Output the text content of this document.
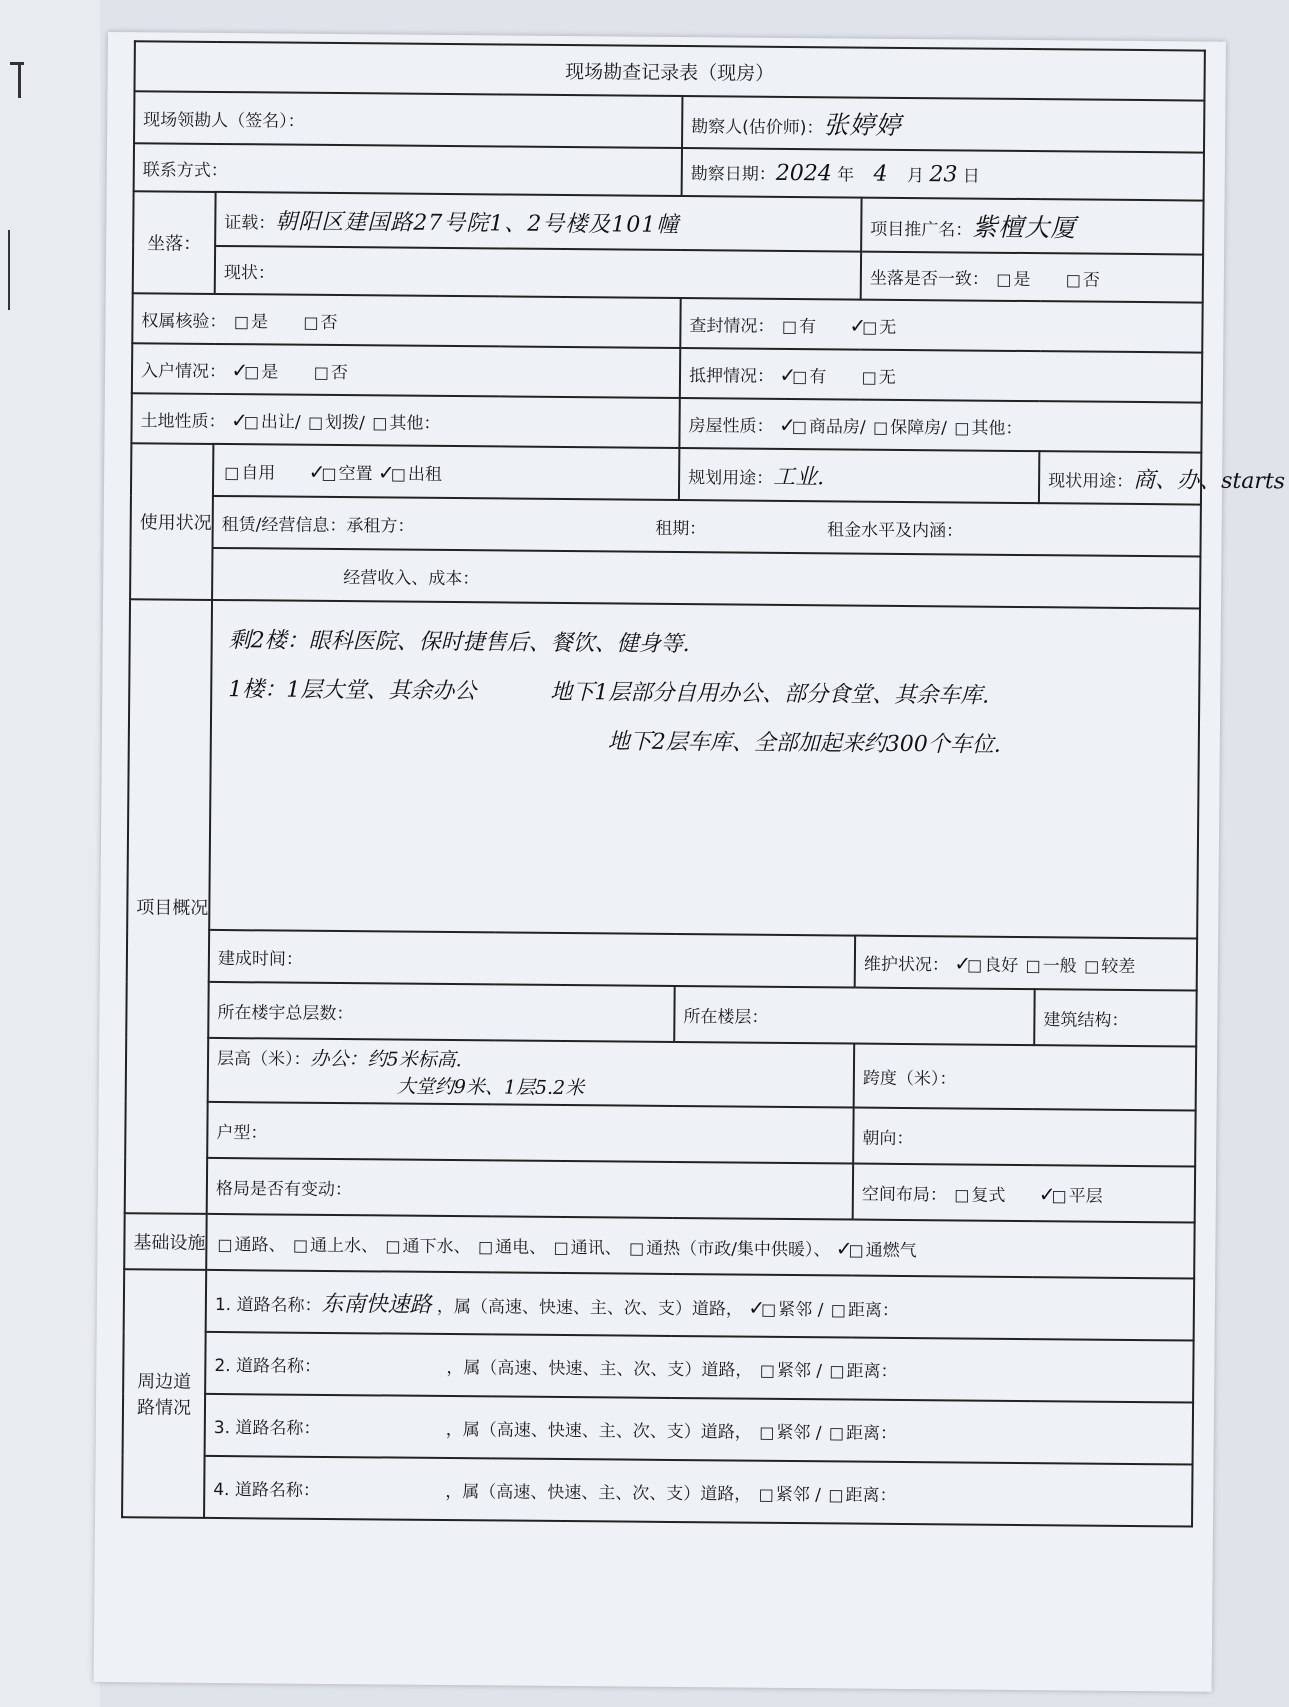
现场勘查记录表（现房）				
现场领勘人（签名）：		勘察人(估价师)：张婷婷		
联系方式：		勘察日期：2024 年 4 月 23 日		
坐落：	证载：朝阳区建国路27号院1、2号楼及101幢		项目推广名：紫檀大厦	
	现状：		坐落是否一致： □ 是 □ 否	
权属核验： □ 是 □ 否		查封情况： □ 有 ✓□ 无		
入户情况： ✓□ 是 □ 否		抵押情况： ✓□ 有 □ 无		
土地性质： ✓□ 出让/ □ 划拨/ □ 其他：		房屋性质： ✓□ 商品房/ □ 保障房/ □ 其他：		
使用状况	□ 自用 ✓□ 空置 ✓□ 出租	规划用途：工业.		现状用途：商、办、starts
	租赁/经营信息：承租方： 租期： 租金水平及内涵：			
	经营收入、成本：			
项目概况	剩2楼：眼科医院、保时捷售后、餐饮、健身等.
1楼：1层大堂、其余办公 地下1层部分自用办公、部分食堂、其余车库.
地下2层车库、全部加起来约300个车位.			

	建成时间：		维护状况： ✓□ 良好 □ 一般 □ 较差	
	所在楼宇总层数：	所在楼层：		建筑结构：
	层高（米）：办公：约5米标高.
大堂约9米、1层5.2米		跨度（米）：	
	户型：		朝向：	
	格局是否有变动：		空间布局： □ 复式 ✓□ 平层	
基础设施	□ 通路、 □ 通上水、 □ 通下水、 □ 通电、 □ 通讯、 □ 通热（市政/集中供暖）、 ✓□ 通燃气			
周边道路情况	1. 道路名称：东南快速路 ，属（高速、快速、主、次、支）道路， ✓□ 紧邻 / □ 距离：			
	2. 道路名称： ，属（高速、快速、主、次、支）道路， □ 紧邻 / □ 距离：			
	3. 道路名称： ，属（高速、快速、主、次、支）道路， □ 紧邻 / □ 距离：			
	4. 道路名称： ，属（高速、快速、主、次、支）道路， □ 紧邻 / □ 距离：			
